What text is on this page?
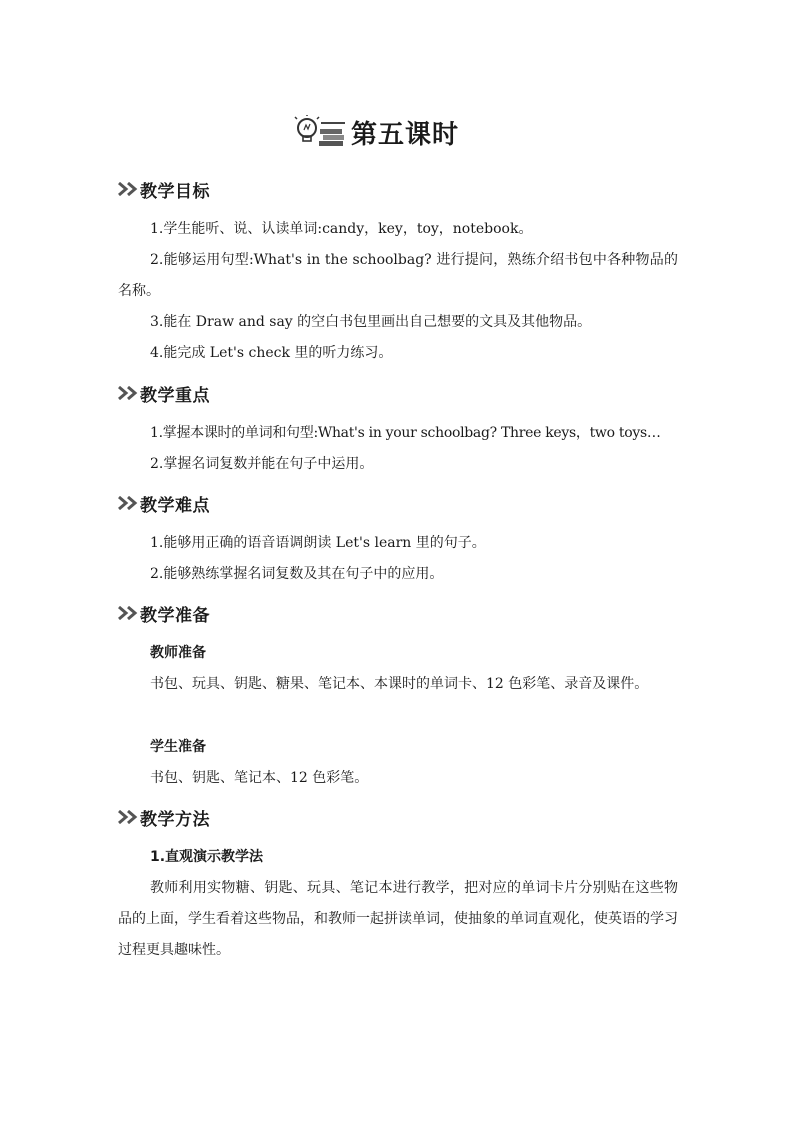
第五课时
教学目标

1.学生能听、说、认读单词:candy，key，toy，notebook。

2.能够运用句型:What's in the schoolbag? 进行提问，熟练介绍书包中各种物品的名称。

3.能在 Draw and say 的空白书包里画出自己想要的文具及其他物品。

4.能完成 Let's check 里的听力练习。

教学重点

1.掌握本课时的单词和句型:What's in your schoolbag? Three keys，two toys…

2.掌握名词复数并能在句子中运用。

教学难点

1.能够用正确的语音语调朗读 Let's learn 里的句子。

2.能够熟练掌握名词复数及其在句子中的应用。

教学准备
教师准备

书包、玩具、钥匙、糖果、笔记本、本课时的单词卡、12 色彩笔、录音及课件。

学生准备

书包、钥匙、笔记本、12 色彩笔。

教学方法
1.直观演示教学法

教师利用实物糖、钥匙、玩具、笔记本进行教学，把对应的单词卡片分别贴在这些物品的上面，学生看着这些物品，和教师一起拼读单词，使抽象的单词直观化，使英语的学习过程更具趣味性。
